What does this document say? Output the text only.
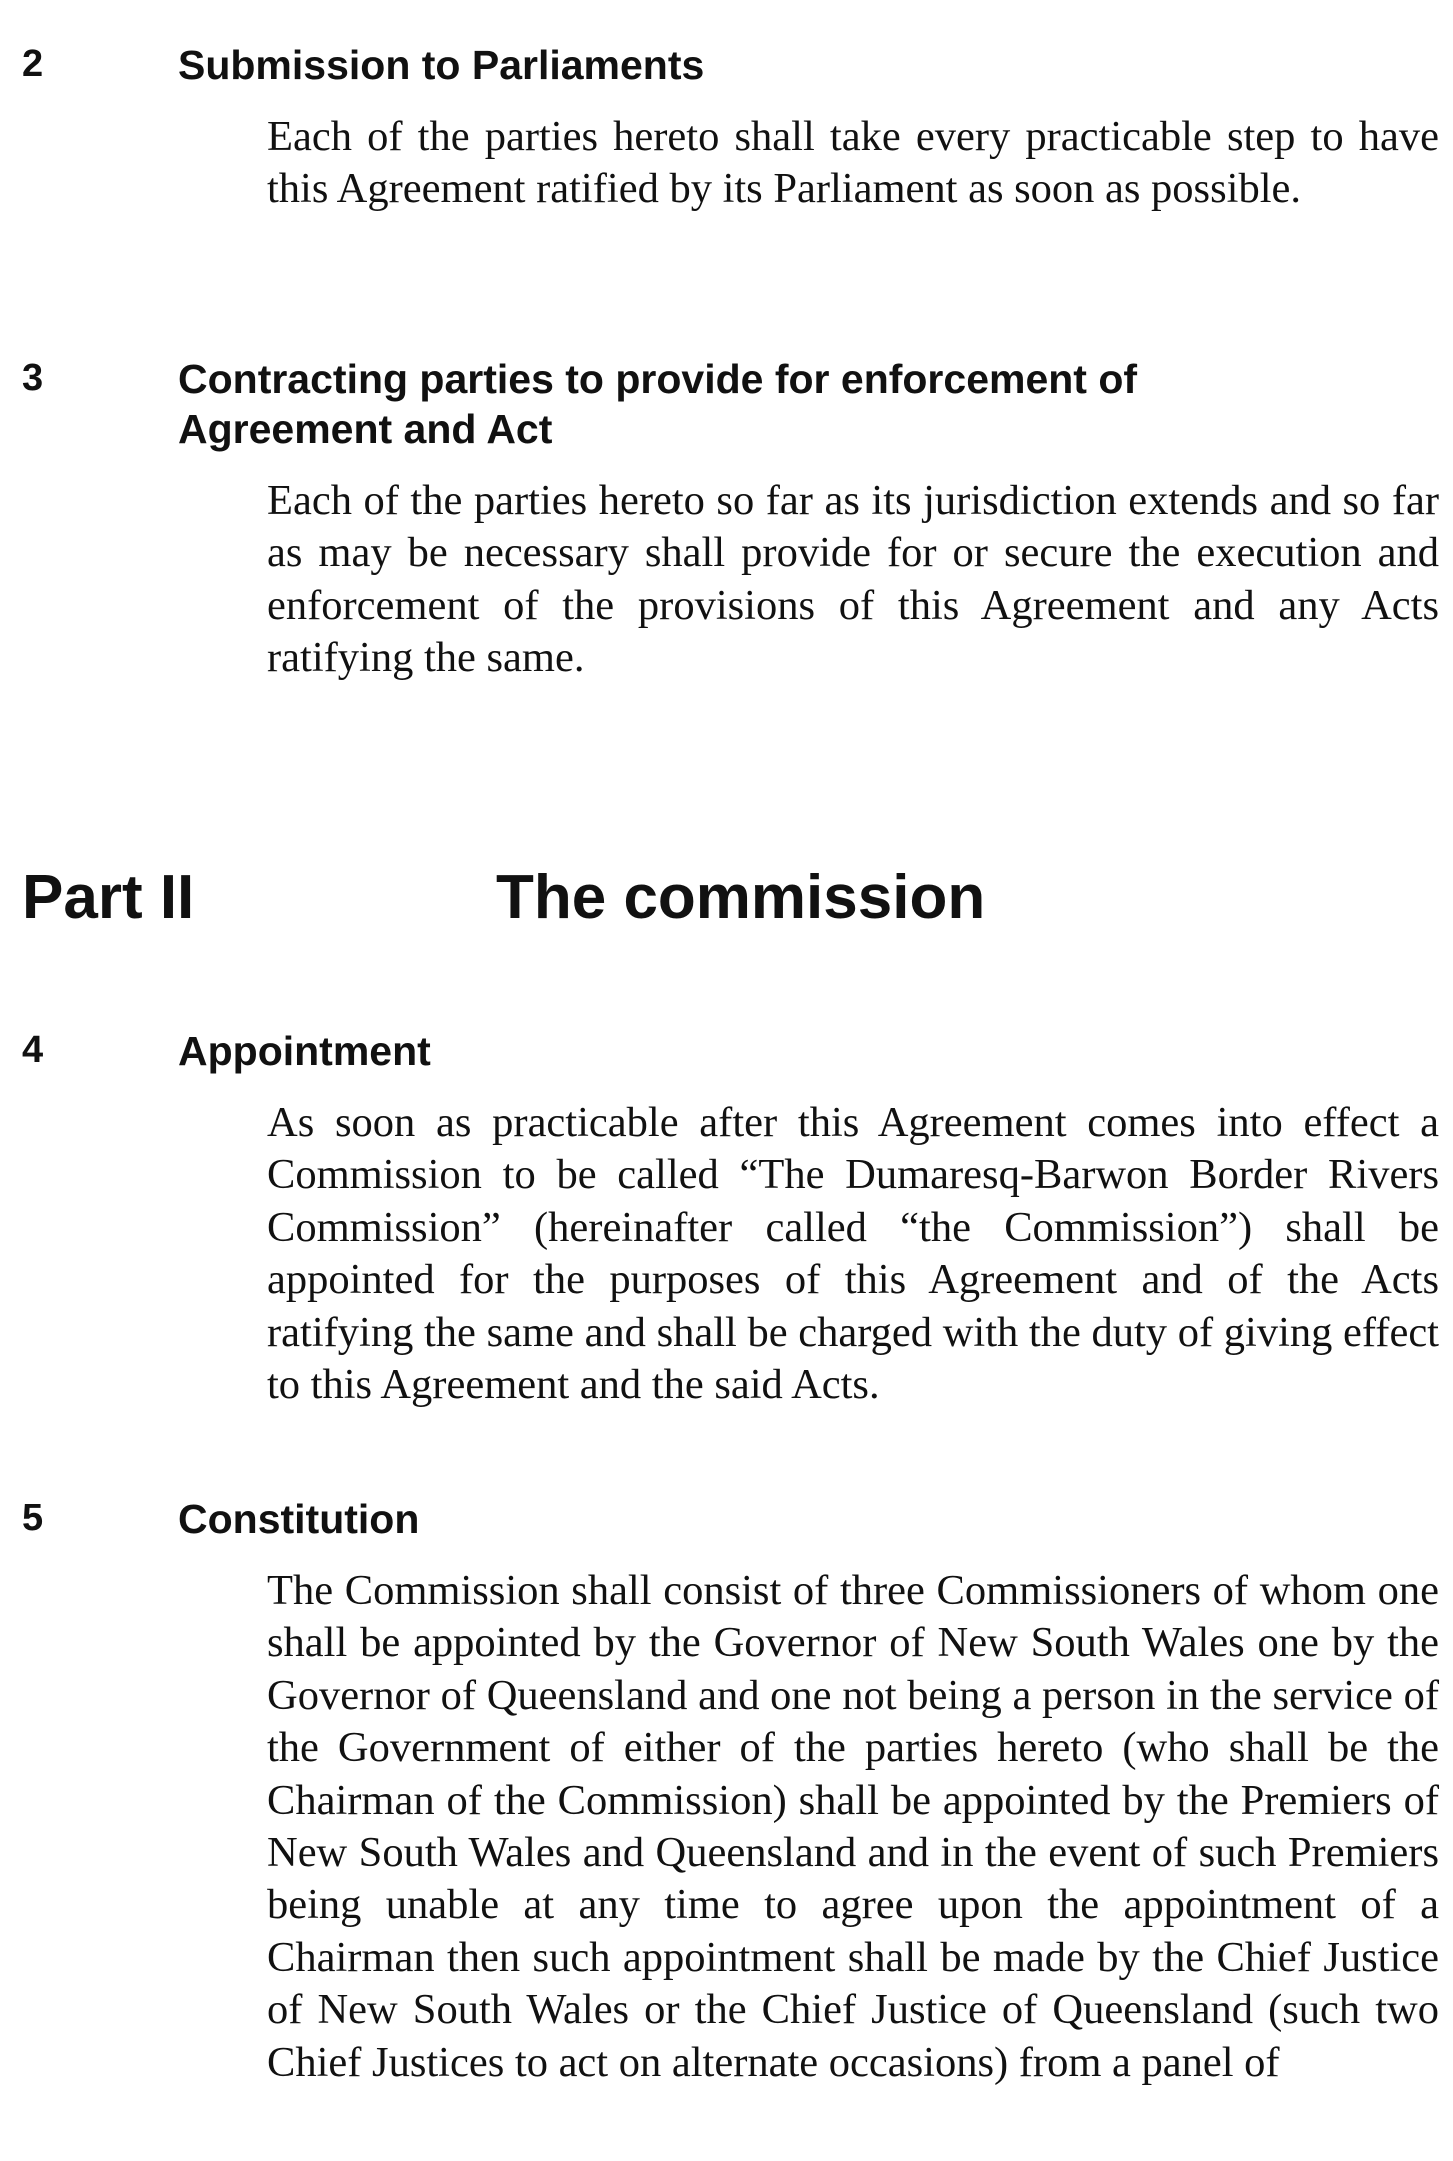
2	Submission to Parliaments

Each of the parties hereto shall take every practicable step to have this Agreement ratified by its Parliament as soon as possible.

3	Contracting parties to provide for enforcement of Agreement and Act

Each of the parties hereto so far as its jurisdiction extends and so far as may be necessary shall provide for or secure the execution and enforcement of the provisions of this Agreement and any Acts ratifying the same.

Part II	The commission
4	Appointment

As soon as practicable after this Agreement comes into effect a Commission to be called “The Dumaresq-Barwon Border Rivers Commission” (hereinafter called “the Commission”) shall be appointed for the purposes of this Agreement and of the Acts ratifying the same and shall be charged with the duty of giving effect to this Agreement and the said Acts.

5	Constitution

The Commission shall consist of three Commissioners of whom one shall be appointed by the Governor of New South Wales one by the Governor of Queensland and one not being a person in the service of the Government of either of the parties hereto (who shall be the Chairman of the Commission) shall be appointed by the Premiers of New South Wales and Queensland and in the event of such Premiers being unable at any time to agree upon the appointment of a Chairman then such appointment shall be made by the Chief Justice of New South Wales or the Chief Justice of Queensland (such two Chief Justices to act on alternate occasions) from a panel of
